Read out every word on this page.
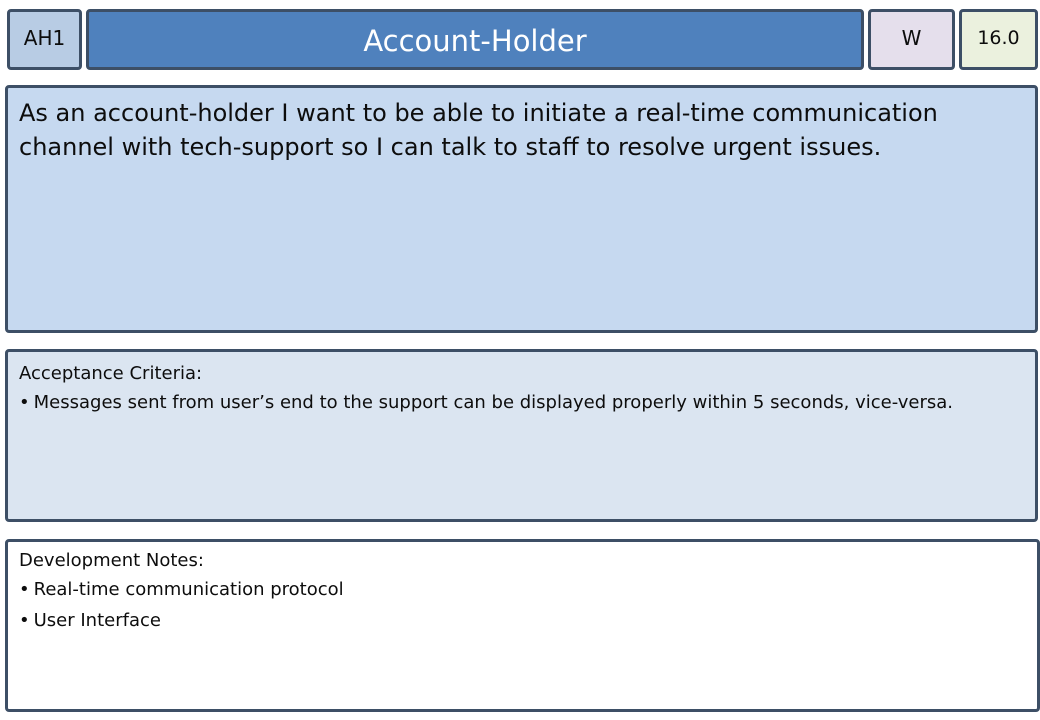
AH1	Account-Holder	W	16.0
As an account-holder I want to be able to initiate a real-time communication channel with tech-support so I can talk to staff to resolve urgent issues.
Acceptance Criteria:
• Messages sent from user’s end to the support can be displayed properly within 5 seconds, vice-versa.
Development Notes:
• Real-time communication protocol
• User Interface
